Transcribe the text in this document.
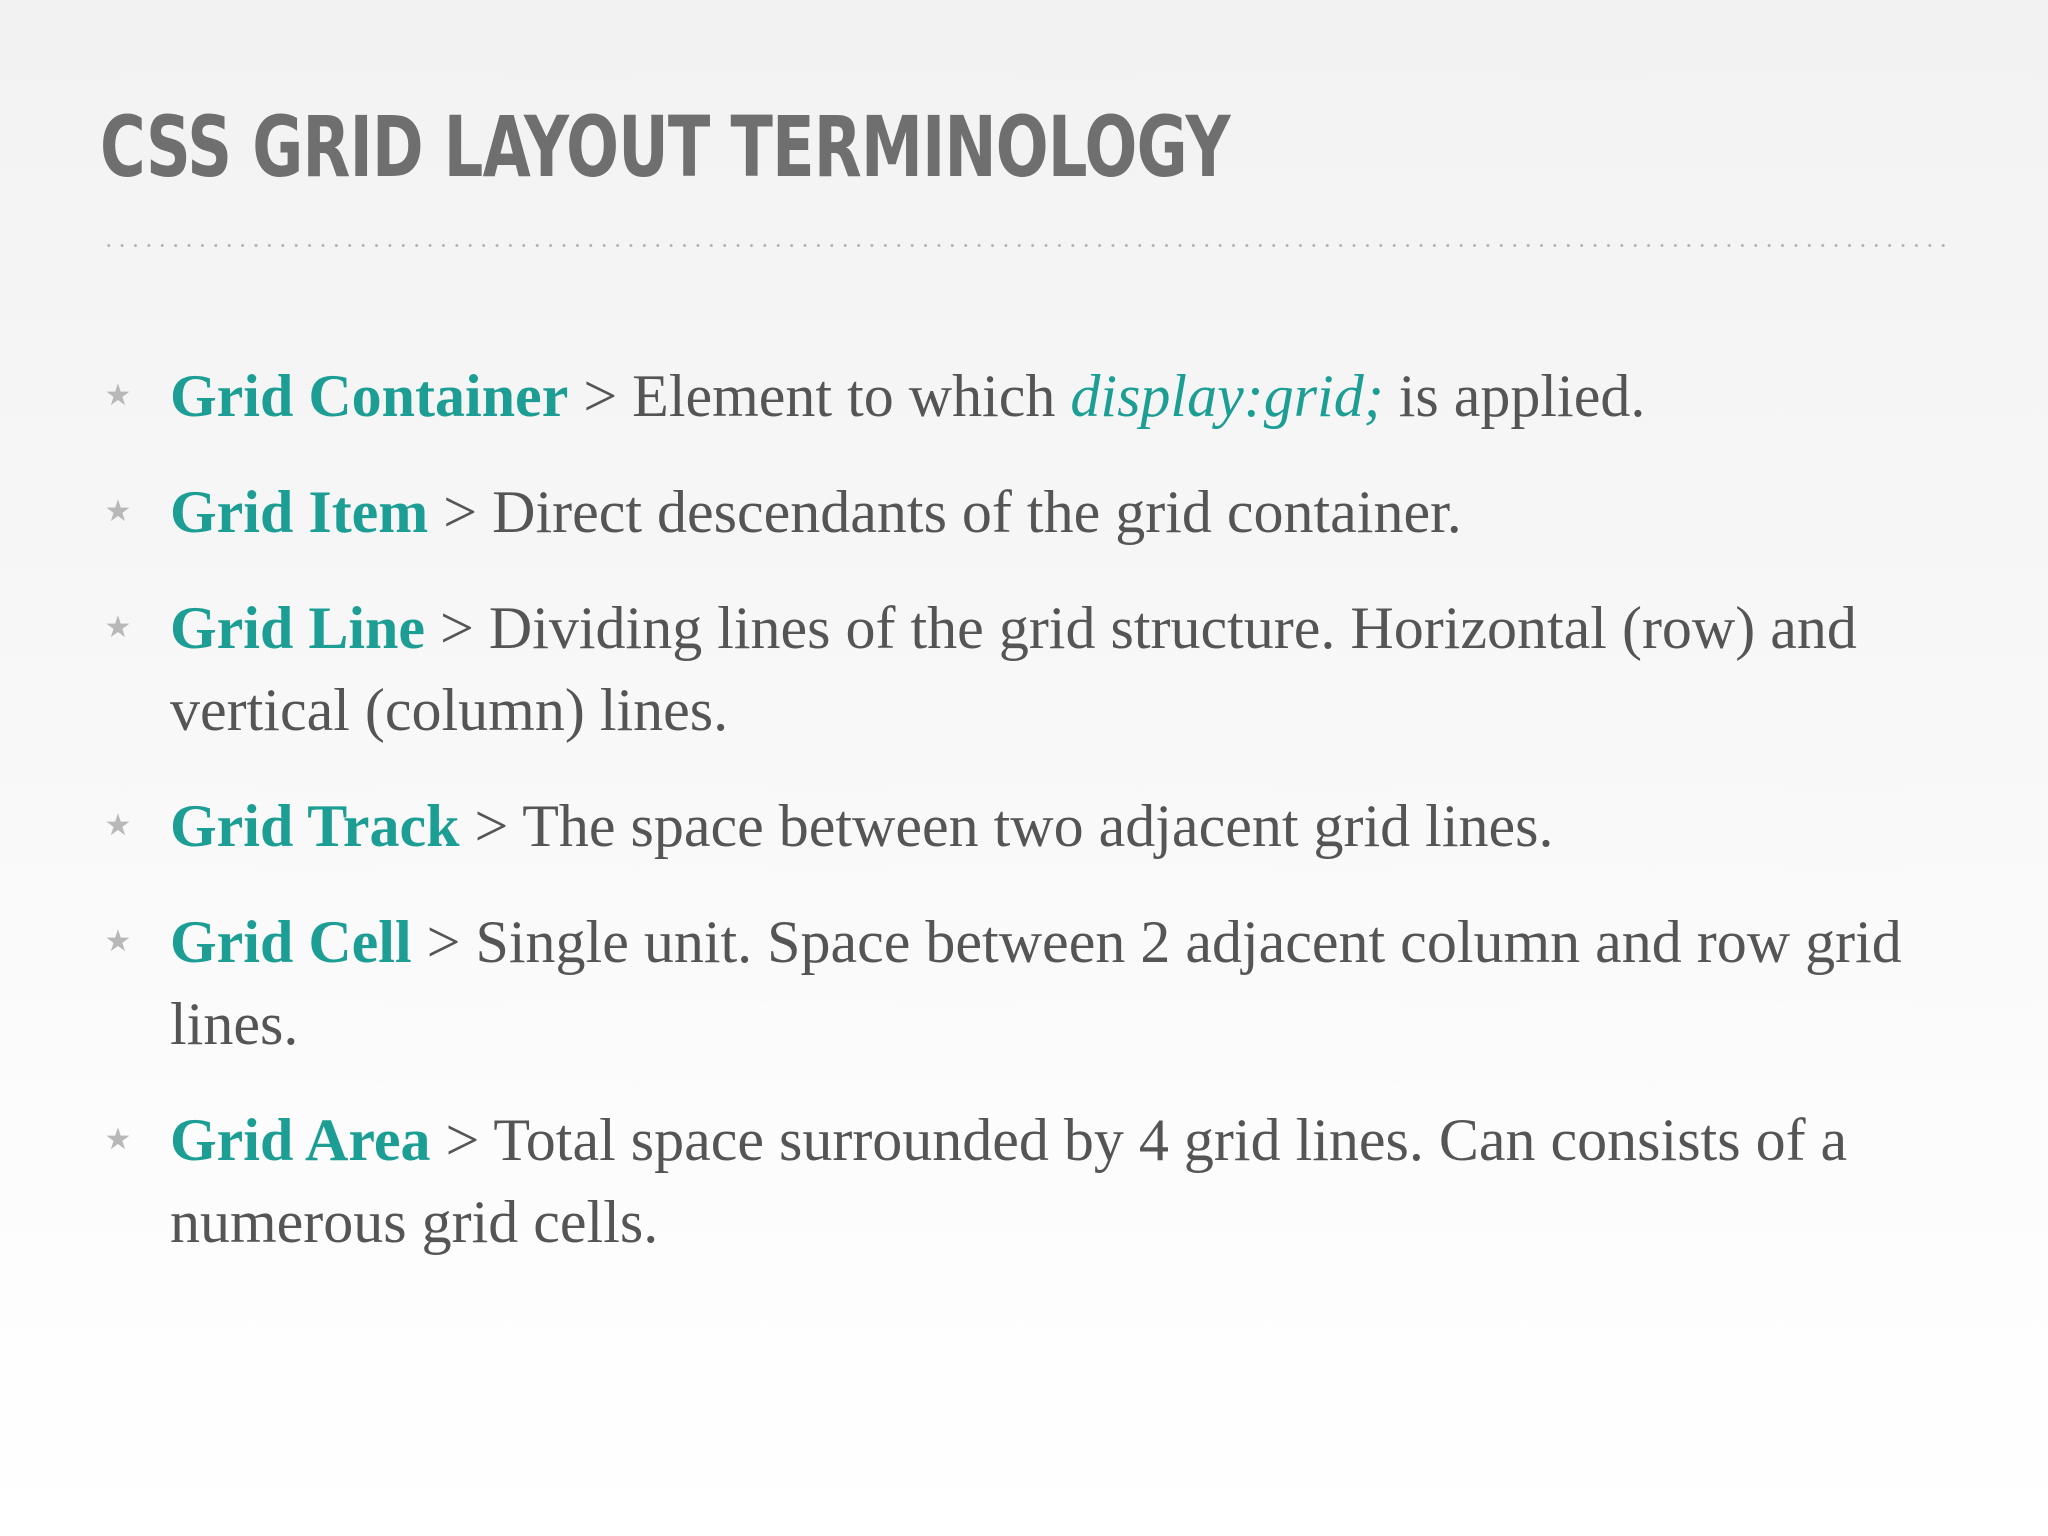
CSS GRID LAYOUT TERMINOLOGY
★ Grid Container > Element to which display:grid; is applied.
★ Grid Item > Direct descendants of the grid container.
★ Grid Line > Dividing lines of the grid structure. Horizontal (row) and vertical (column) lines.
★ Grid Track > The space between two adjacent grid lines.
★ Grid Cell > Single unit. Space between 2 adjacent column and row grid lines.
★ Grid Area > Total space surrounded by 4 grid lines. Can consists of a numerous grid cells.
